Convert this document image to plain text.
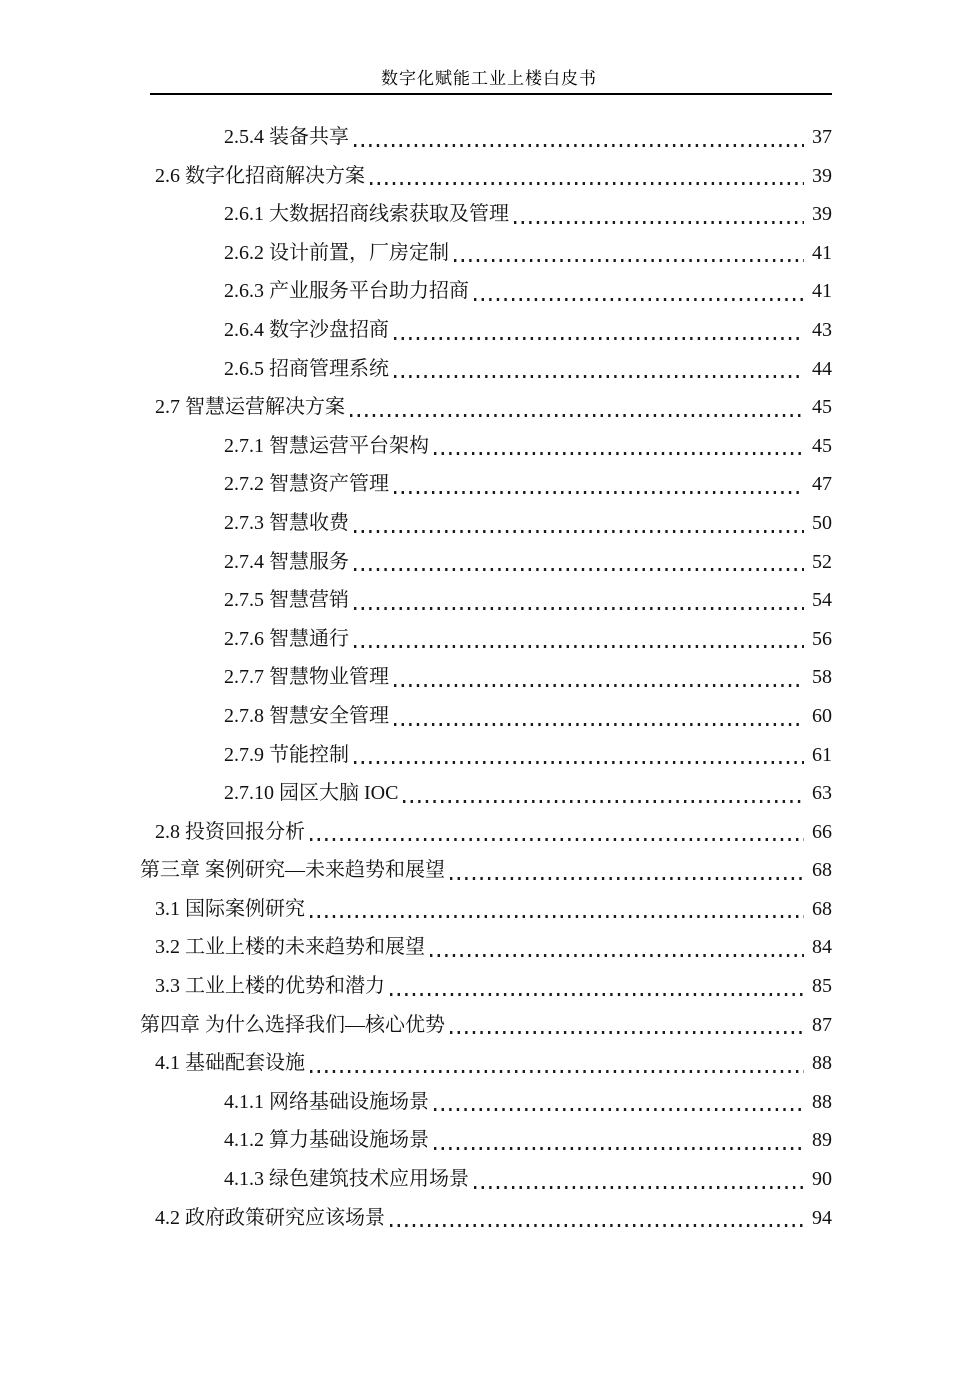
数字化赋能工业上楼白皮书
2.5.4 装备共享	37
2.6 数字化招商解决方案	39
2.6.1 大数据招商线索获取及管理	39
2.6.2 设计前置，厂房定制	41
2.6.3 产业服务平台助力招商	41
2.6.4 数字沙盘招商	43
2.6.5 招商管理系统	44
2.7 智慧运营解决方案	45
2.7.1 智慧运营平台架构	45
2.7.2 智慧资产管理	47
2.7.3 智慧收费	50
2.7.4 智慧服务	52
2.7.5 智慧营销	54
2.7.6 智慧通行	56
2.7.7 智慧物业管理	58
2.7.8 智慧安全管理	60
2.7.9 节能控制	61
2.7.10 园区大脑 IOC	63
2.8 投资回报分析	66
第三章 案例研究—未来趋势和展望	68
3.1 国际案例研究	68
3.2 工业上楼的未来趋势和展望	84
3.3 工业上楼的优势和潜力	85
第四章 为什么选择我们—核心优势	87
4.1 基础配套设施	88
4.1.1 网络基础设施场景	88
4.1.2 算力基础设施场景	89
4.1.3 绿色建筑技术应用场景	90
4.2 政府政策研究应该场景	94
